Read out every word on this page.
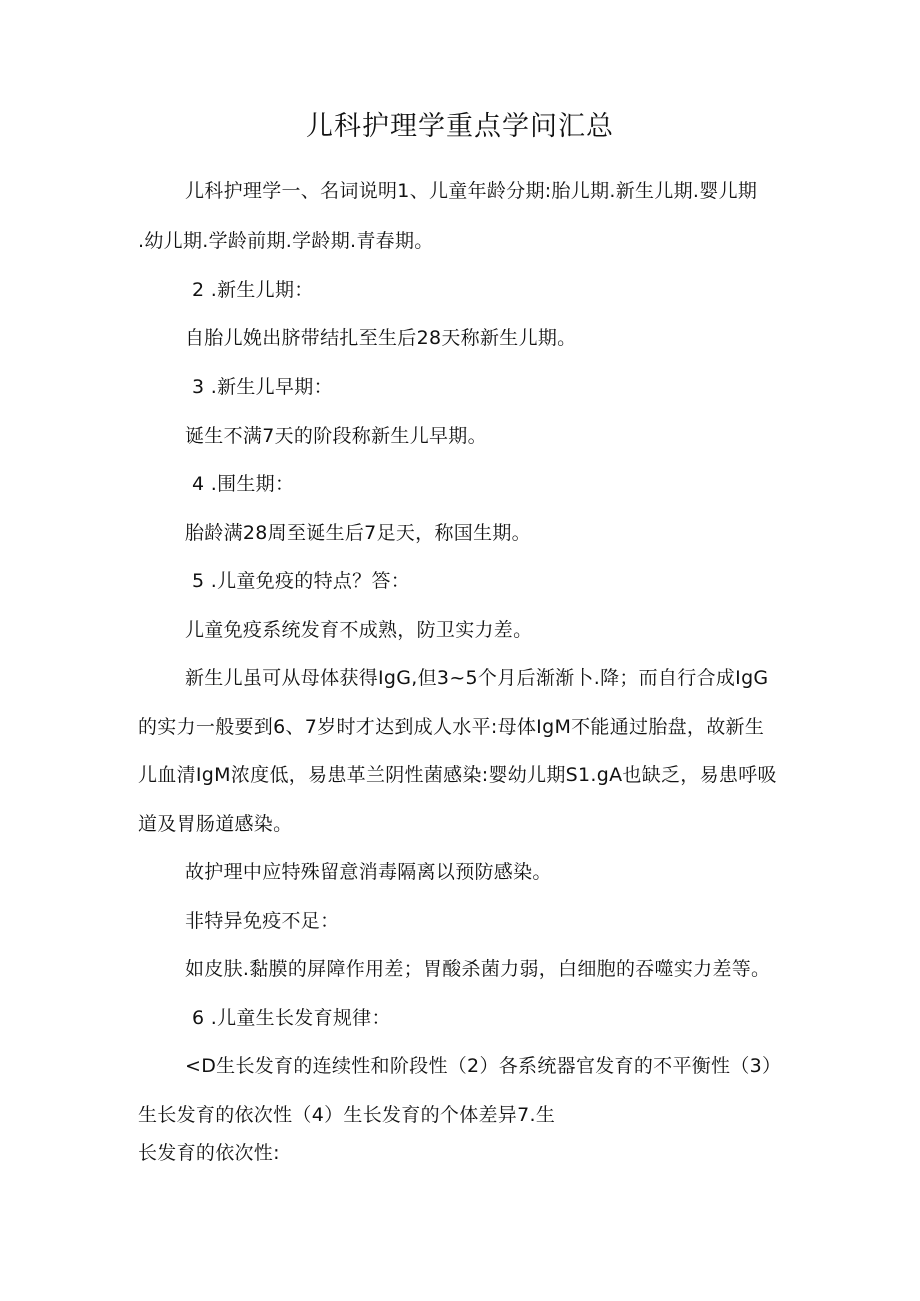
儿科护理学重点学问汇总
儿科护理学一、名词说明1、儿童年龄分期:胎儿期.新生儿期.婴儿期
.幼儿期.学龄前期.学龄期.青春期。
2 .新生儿期：
自胎儿娩出脐带结扎至生后28天称新生儿期。
3 .新生儿早期：
诞生不满7天的阶段称新生儿早期。
4 .围生期：
胎龄满28周至诞生后7足天，称国生期。
5 .儿童免疫的特点？答：
儿童免疫系统发育不成熟，防卫实力差。
新生儿虽可从母体获得IgG,但3~5个月后渐渐卜.降；而自行合成IgG
的实力一般要到6、7岁时才达到成人水平:母体IgM不能通过胎盘，故新生
儿血清IgM浓度低，易患革兰阴性菌感染:婴幼儿期S1.gA也缺乏，易患呼吸
道及胃肠道感染。
故护理中应特殊留意消毒隔离以预防感染。
非特异免疫不足：
如皮肤.黏膜的屏障作用差；胃酸杀菌力弱，白细胞的吞噬实力差等。
6 .儿童生长发育规律：
<D生长发育的连续性和阶段性（2）各系统器官发育的不平衡性（3）
生长发育的依次性（4）生长发育的个体差异7.生
长发育的依次性:
